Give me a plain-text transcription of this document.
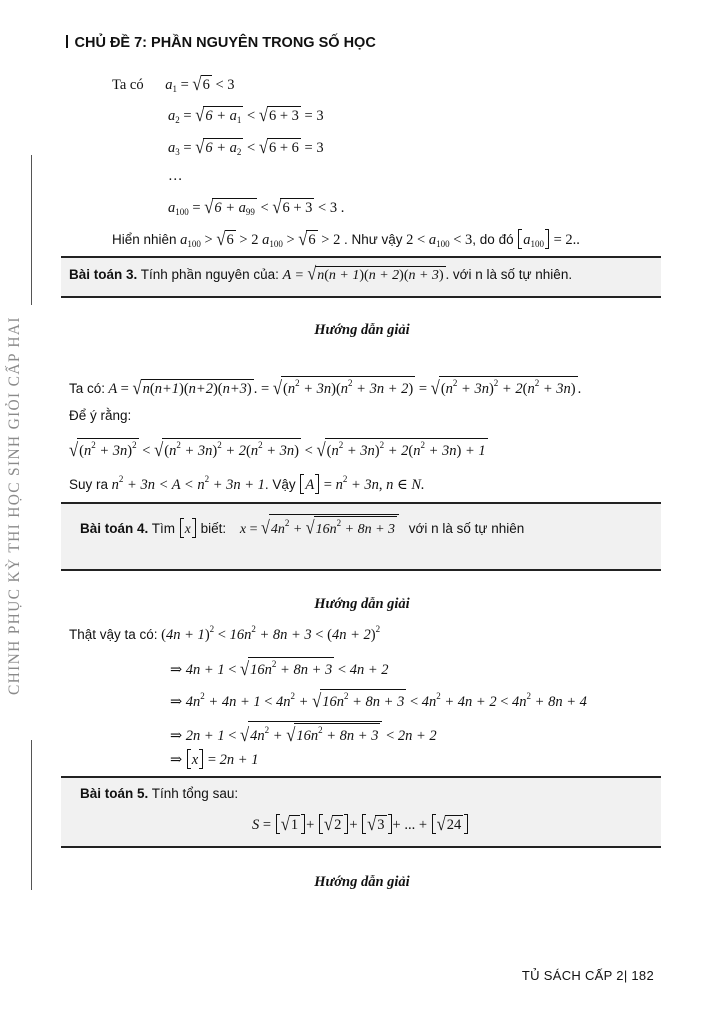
CHỦ ĐỀ 7: PHẦN NGUYÊN TRONG SỐ HỌC
CHINH PHỤC KỲ THI HỌC SINH GIỎI CẤP HAI
Ta có $a_1 = √6 < 3$
$a_2 = √6 + a_1 < √6 + 3 = 3$
$a_3 = √6 + a_2 < √6 + 6 = 3$
…
$a_{100} = √6 + a_{99} < √6 + 3 < 3$ .
Hiển nhiên $a_{100} > √6 > 2$ $a_{100} > √6 > 2$ . Như vậy $2 < a_{100} < 3$, do đó $a_{100} = 2$..
Bài toán 3. Tính phần nguyên của: A = √n(n + 1)(n + 2)(n + 3) . với n là số tự nhiên.
Hướng dẫn giải
Ta có: A = √n(n+1)(n+2)(n+3) . = $√(n^2 + 3n)(n^2 + 3n + 2) = √(n^2 + 3n)^2 + 2(n^2 + 3n)$ .
Để ý rằng:
$√(n^2 + 3n)^2 < √(n^2 + 3n)^2 + 2(n^2 + 3n) < √(n^2 + 3n)^2 + 2(n^2 + 3n) + 1$
Suy ra $n^2 + 3n < A < n^2 + 3n + 1$. Vậy $A = n^2 + 3n$, n ∈ N.
Bài toán 4. Tìm x biết: $x = √4n^2 + √16n^2 + 8n + 3$ với n là số tự nhiên
Hướng dẫn giải
Thật vậy ta có: $(4n + 1)^2 < 16n^2 + 8n + 3 < (4n + 2)^2$
⇒ $4n + 1 < √16n^2 + 8n + 3 < 4n + 2$
⇒ $4n^2 + 4n + 1 < 4n^2 + √16n^2 + 8n + 3 < 4n^2 + 4n + 2 < 4n^2 + 8n + 4$
⇒ $2n + 1 < √4n^2 + √16n^2 + 8n + 3 < 2n + 2$
⇒ x = 2n + 1
Bài toán 5. Tính tổng sau:
S = √1 + √2 + √3 + ... + √24
Hướng dẫn giải
TỦ SÁCH CẤP 2| 182
